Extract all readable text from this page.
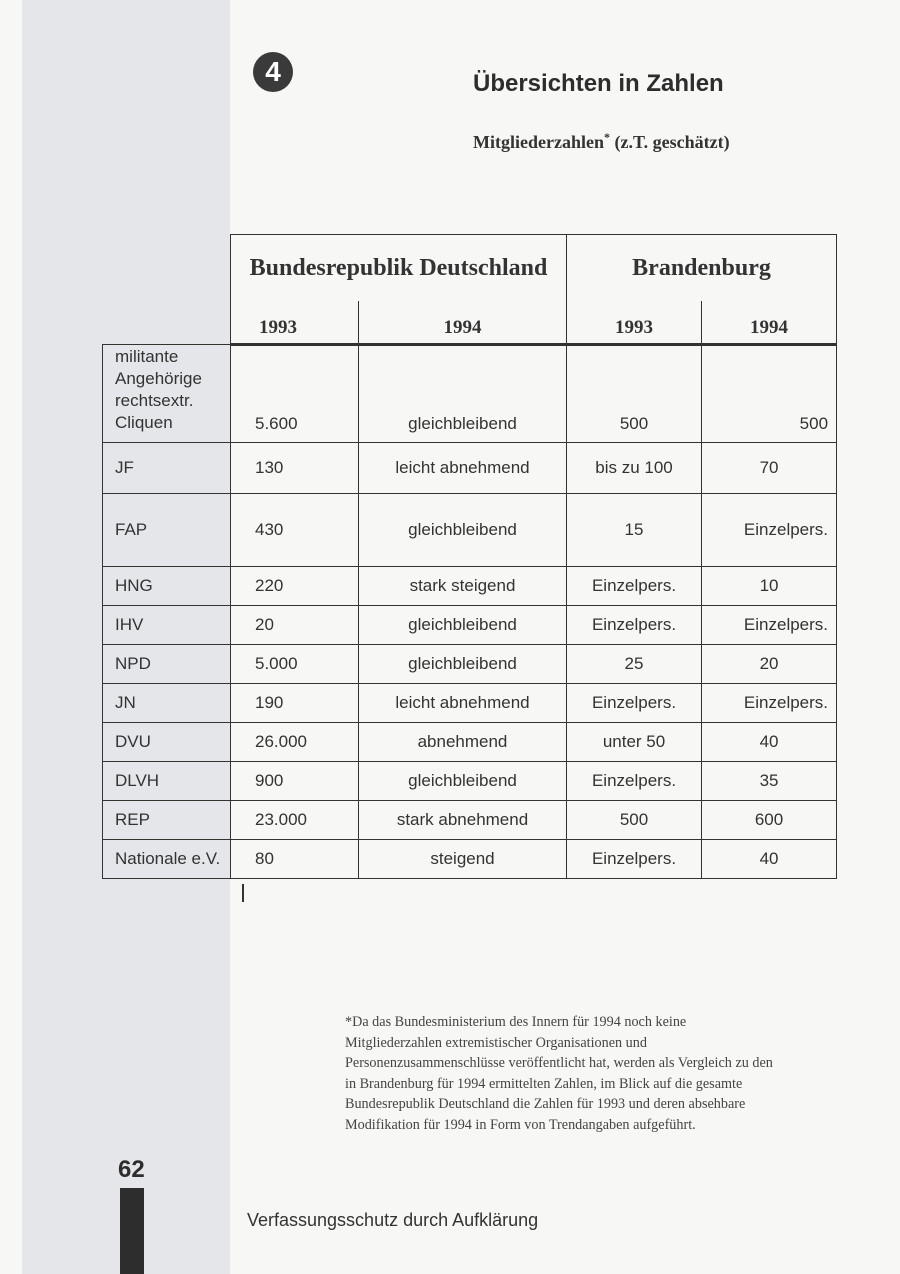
4	Übersichten in Zahlen
Mitgliederzahlen* (z.T. geschätzt)
	Bundesrepublik Deutschland		Brandenburg	
	1993	1994	1993	1994
militante Angehörige rechtsextr. Cliquen	5.600	gleichbleibend	500	500
JF	130	leicht abnehmend	bis zu 100	70
FAP	430	gleichbleibend	15	Einzelpers.
HNG	220	stark steigend	Einzelpers.	10
IHV	20	gleichbleibend	Einzelpers.	Einzelpers.
NPD	5.000	gleichbleibend	25	20
JN	190	leicht abnehmend	Einzelpers.	Einzelpers.
DVU	26.000	abnehmend	unter 50	40
DLVH	900	gleichbleibend	Einzelpers.	35
REP	23.000	stark abnehmend	500	600
Nationale e.V.	80	steigend	Einzelpers.	40
*Da das Bundesministerium des Innern für 1994 noch keine Mitgliederzahlen extremistischer Organisationen und Personenzusammenschlüsse veröffentlicht hat, werden als Vergleich zu den in Brandenburg für 1994 ermittelten Zahlen, im Blick auf die gesamte Bundesrepublik Deutschland die Zahlen für 1993 und deren absehbare Modifikation für 1994 in Form von Trendangaben aufgeführt.
62
Verfassungsschutz durch Aufklärung
